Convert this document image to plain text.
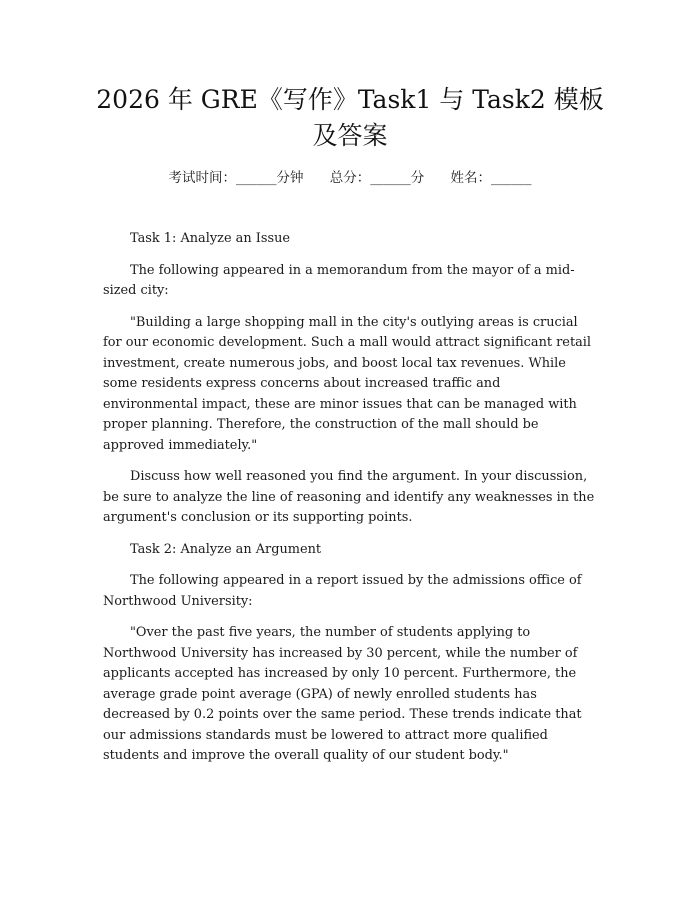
2026 年 GRE《写作》Task1 与 Task2 模板及答案
考试时间：______分钟 总分：______分 姓名：______

Task 1: Analyze an Issue

The following appeared in a memorandum from the mayor of a mid-sized city:

"Building a large shopping mall in the city's outlying areas is crucial for our economic development. Such a mall would attract significant retail investment, create numerous jobs, and boost local tax revenues. While some residents express concerns about increased traffic and environmental impact, these are minor issues that can be managed with proper planning. Therefore, the construction of the mall should be approved immediately."

Discuss how well reasoned you find the argument. In your discussion, be sure to analyze the line of reasoning and identify any weaknesses in the argument's conclusion or its supporting points.

Task 2: Analyze an Argument

The following appeared in a report issued by the admissions office of Northwood University:

"Over the past five years, the number of students applying to Northwood University has increased by 30 percent, while the number of applicants accepted has increased by only 10 percent. Furthermore, the average grade point average (GPA) of newly enrolled students has decreased by 0.2 points over the same period. These trends indicate that our admissions standards must be lowered to attract more qualified students and improve the overall quality of our student body."
